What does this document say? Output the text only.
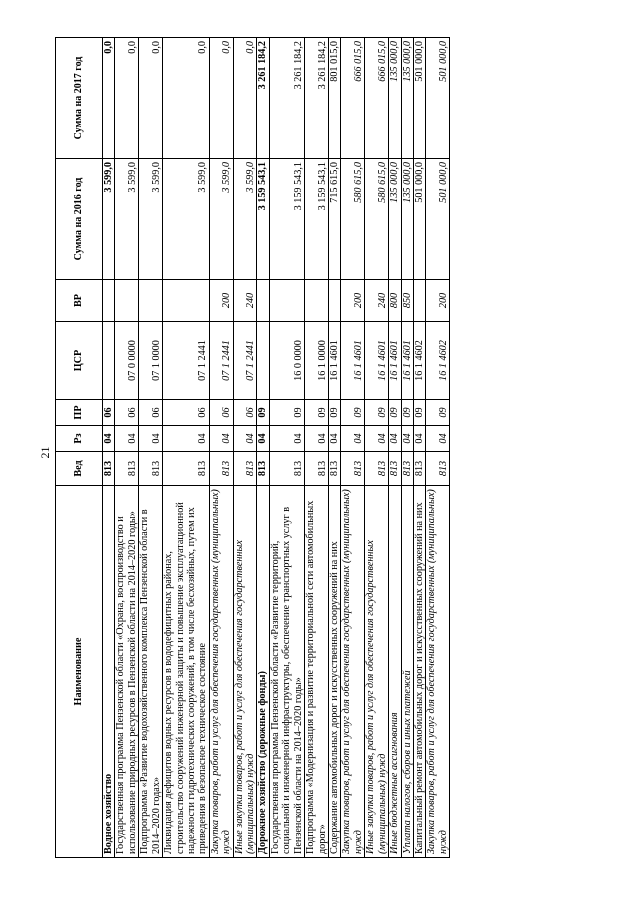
21
Наименование	Вед	Рз	ПР	ЦСР	ВР	Сумма на 2016 год	Сумма на 2017 год
Водное хозяйство	813	04	06			3 599,0	0,0
Государственная программа Пензенской области «Охрана, воспроизводство и использование природных ресурсов в Пензенской области на 2014–2020 годы»	813	04	06	07 0 0000		3 599,0	0,0
Подпрограмма «Развитие водохозяйственного комплекса Пензенской области в 2014–2020 годах»	813	04	06	07 1 0000		3 599,0	0,0
Ликвидация дефицитов водных ресурсов в вододефицитных районах, строительство сооружений инженерной защиты и повышение эксплуатационной надежности гидротехнических сооружений, в том числе бесхозяйных, путем их приведения в безопасное техническое состояние	813	04	06	07 1 2441		3 599,0	0,0
Закупка товаров, работ и услуг для обеспечения государственных (муниципальных) нужд	813	04	06	07 1 2441	200	3 599,0	0,0
Иные закупки товаров, работ и услуг для обеспечения государственных (муниципальных) нужд	813	04	06	07 1 2441	240	3 599,0	0,0
Дорожное хозяйство (дорожные фонды)	813	04	09			3 159 543,1	3 261 184,2
Государственная программа Пензенской области «Развитие территорий, социальной и инженерной инфраструктуры, обеспечение транспортных услуг в Пензенской области на 2014–2020 годы»	813	04	09	16 0 0000		3 159 543,1	3 261 184,2
Подпрограмма «Модернизация и развитие территориальной сети автомобильных дорог»	813	04	09	16 1 0000		3 159 543,1	3 261 184,2
Содержание автомобильных дорог и искусственных сооружений на них	813	04	09	16 1 4601		715 615,0	801 015,0
Закупка товаров, работ и услуг для обеспечения государственных (муниципальных) нужд	813	04	09	16 1 4601	200	580 615,0	666 015,0
Иные закупки товаров, работ и услуг для обеспечения государственных (муниципальных) нужд	813	04	09	16 1 4601	240	580 615,0	666 015,0
Иные бюджетные ассигнования	813	04	09	16 1 4601	800	135 000,0	135 000,0
Уплата налогов, сборов и иных платежей	813	04	09	16 1 4601	850	135 000,0	135 000,0
Капитальный ремонт автомобильных дорог и искусственных сооружений на них	813	04	09	16 1 4602		501 000,0	501 000,0
Закупка товаров, работ и услуг для обеспечения государственных (муниципальных) нужд	813	04	09	16 1 4602	200	501 000,0	501 000,0
